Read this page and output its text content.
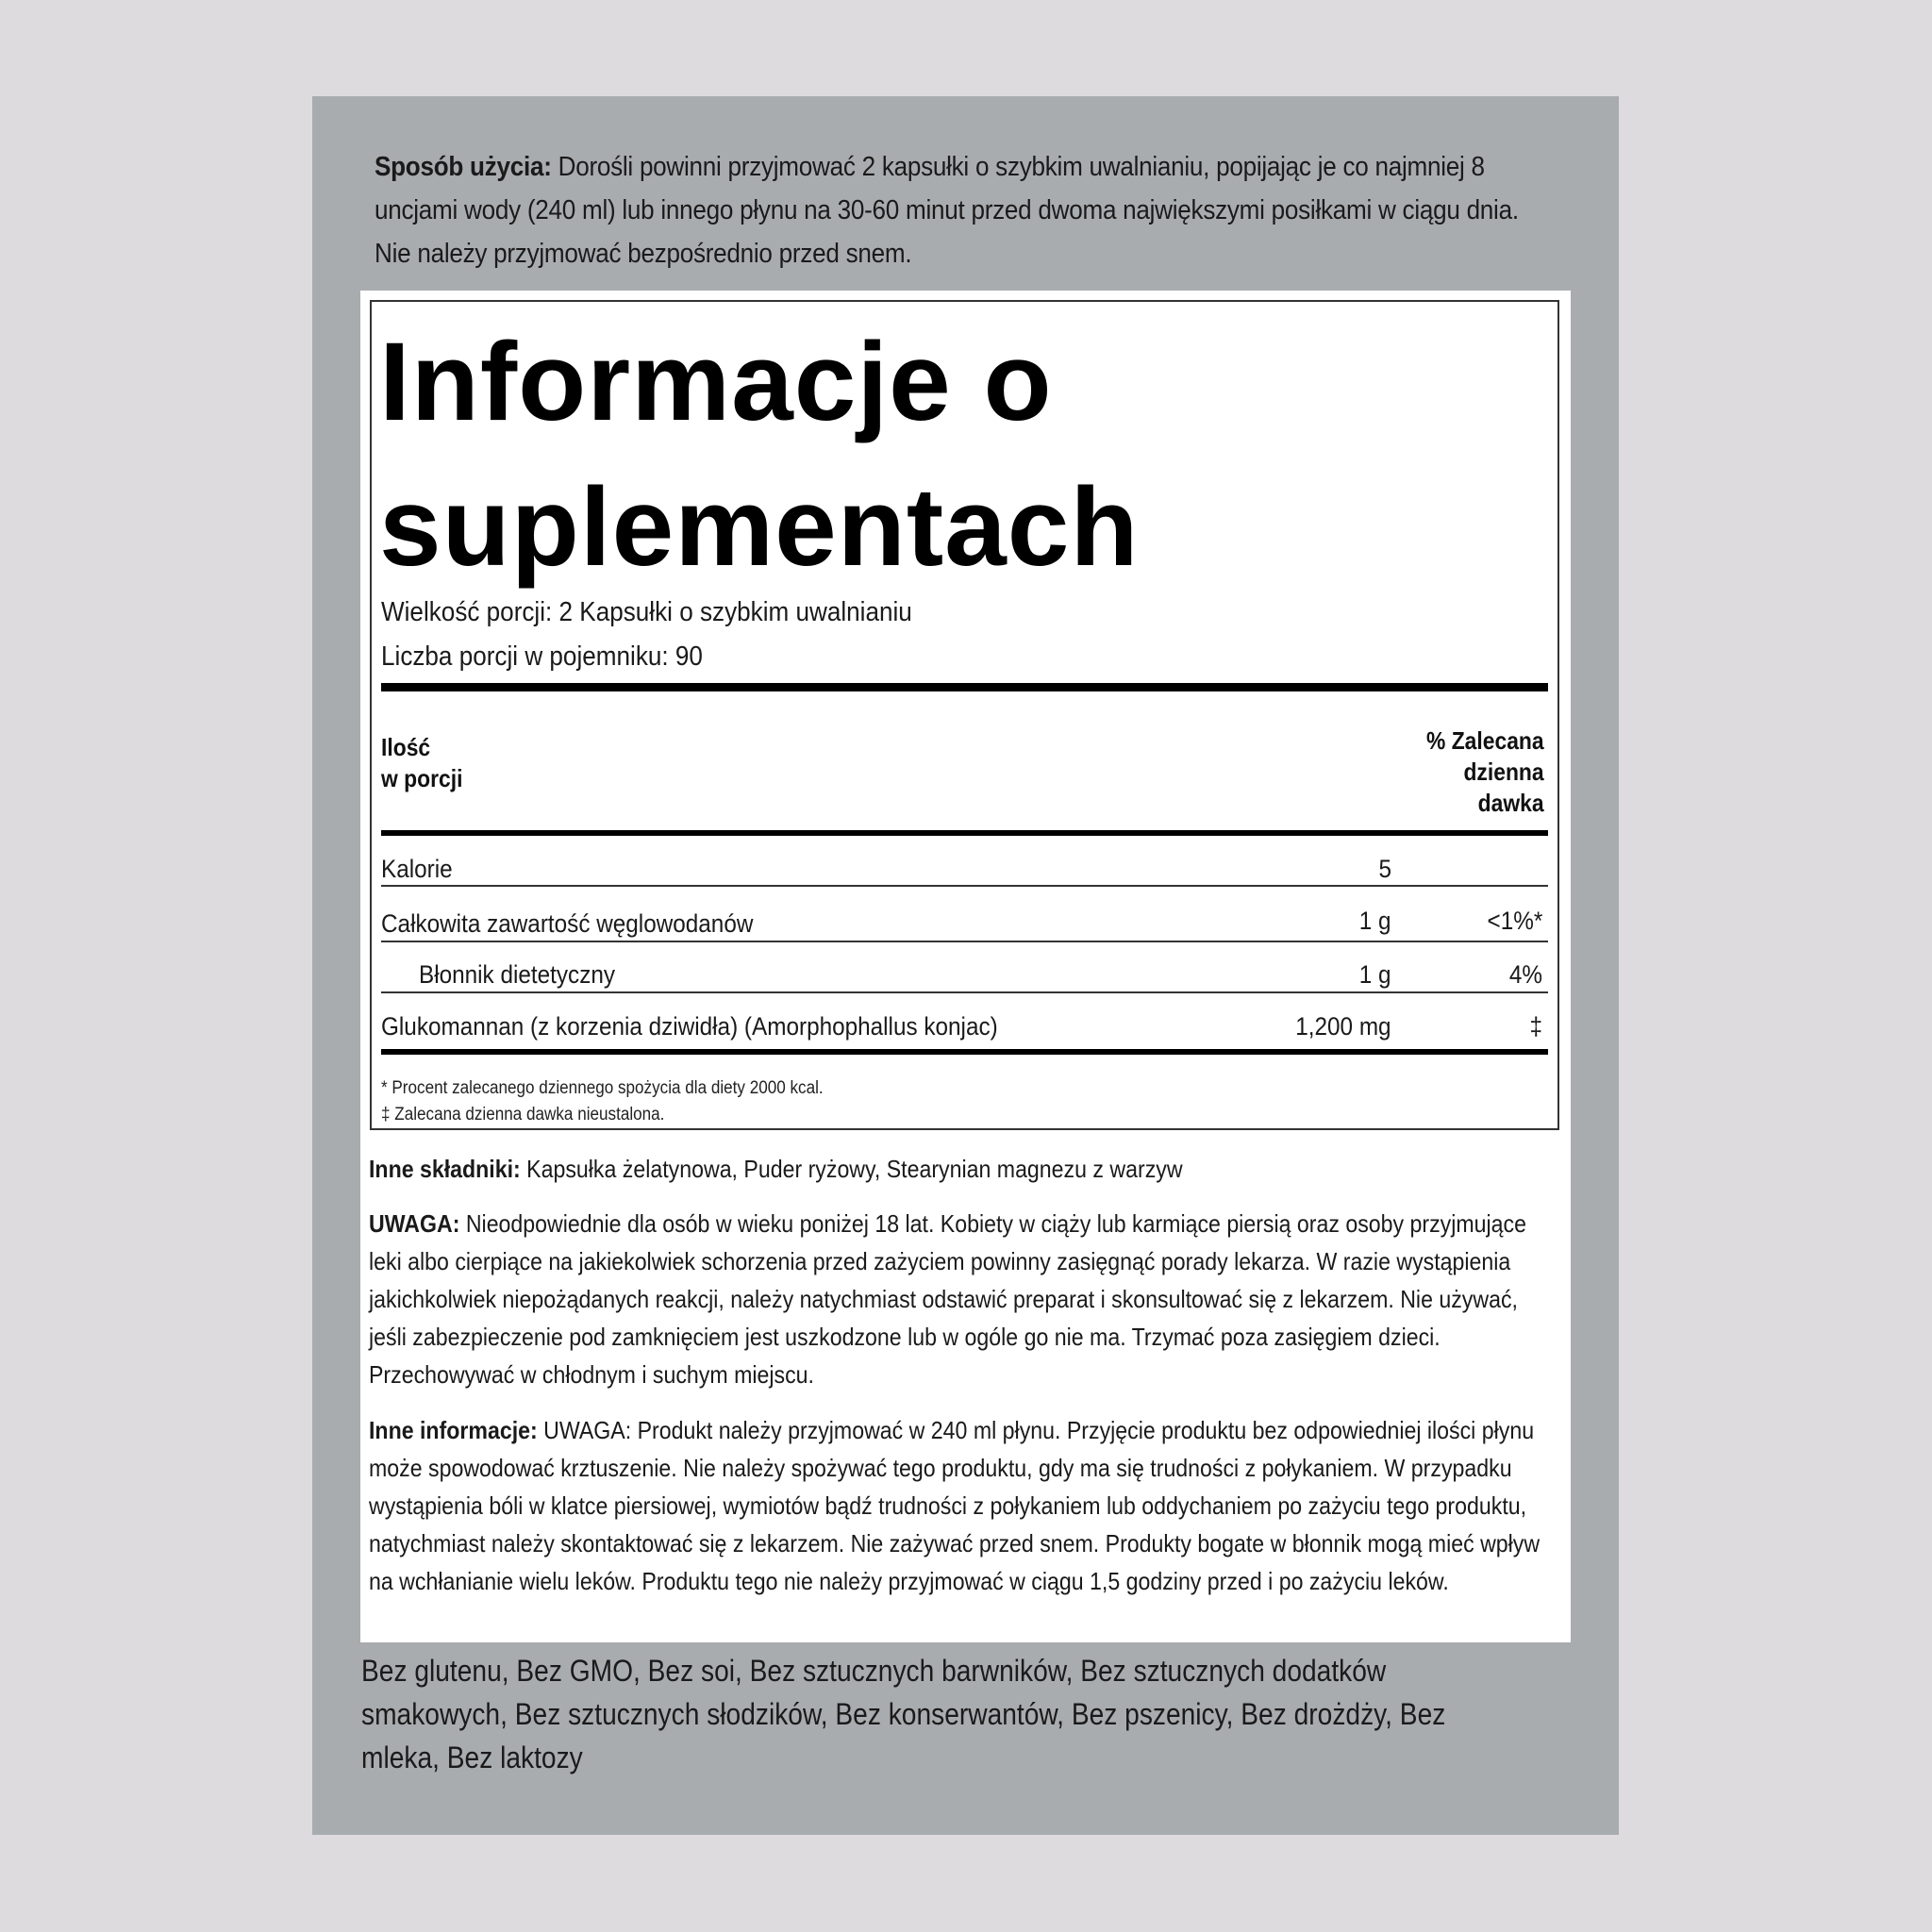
Sposób użycia: Dorośli powinni przyjmować 2 kapsułki o szybkim uwalnianiu, popijając je co najmniej 8 uncjami wody (240 ml) lub innego płynu na 30-60 minut przed dwoma największymi posiłkami w ciągu dnia. Nie należy przyjmować bezpośrednio przed snem.
Informacje o
suplementach
Wielkość porcji: 2 Kapsułki o szybkim uwalnianiu
Liczba porcji w pojemniku: 90
Ilość
w porcji
% Zalecana
dzienna
dawka
Kalorie	5
Całkowita zawartość węglowodanów	1 g	<1%*
Błonnik dietetyczny	1 g	4%
Glukomannan (z korzenia dziwidła) (Amorphophallus konjac)	1,200 mg	‡
* Procent zalecanego dziennego spożycia dla diety 2000 kcal.
‡ Zalecana dzienna dawka nieustalona.
Inne składniki: Kapsułka żelatynowa, Puder ryżowy, Stearynian magnezu z warzyw
UWAGA: Nieodpowiednie dla osób w wieku poniżej 18 lat. Kobiety w ciąży lub karmiące piersią oraz osoby przyjmujące leki albo cierpiące na jakiekolwiek schorzenia przed zażyciem powinny zasięgnąć porady lekarza. W razie wystąpienia jakichkolwiek niepożądanych reakcji, należy natychmiast odstawić preparat i skonsultować się z lekarzem. Nie używać, jeśli zabezpieczenie pod zamknięciem jest uszkodzone lub w ogóle go nie ma. Trzymać poza zasięgiem dzieci. Przechowywać w chłodnym i suchym miejscu.
Inne informacje: UWAGA: Produkt należy przyjmować w 240 ml płynu. Przyjęcie produktu bez odpowiedniej ilości płynu może spowodować krztuszenie. Nie należy spożywać tego produktu, gdy ma się trudności z połykaniem. W przypadku wystąpienia bóli w klatce piersiowej, wymiotów bądź trudności z połykaniem lub oddychaniem po zażyciu tego produktu, natychmiast należy skontaktować się z lekarzem. Nie zażywać przed snem. Produkty bogate w błonnik mogą mieć wpływ na wchłanianie wielu leków. Produktu tego nie należy przyjmować w ciągu 1,5 godziny przed i po zażyciu leków.
Bez glutenu, Bez GMO, Bez soi, Bez sztucznych barwników, Bez sztucznych dodatków smakowych, Bez sztucznych słodzików, Bez konserwantów, Bez pszenicy, Bez drożdży, Bez mleka, Bez laktozy
